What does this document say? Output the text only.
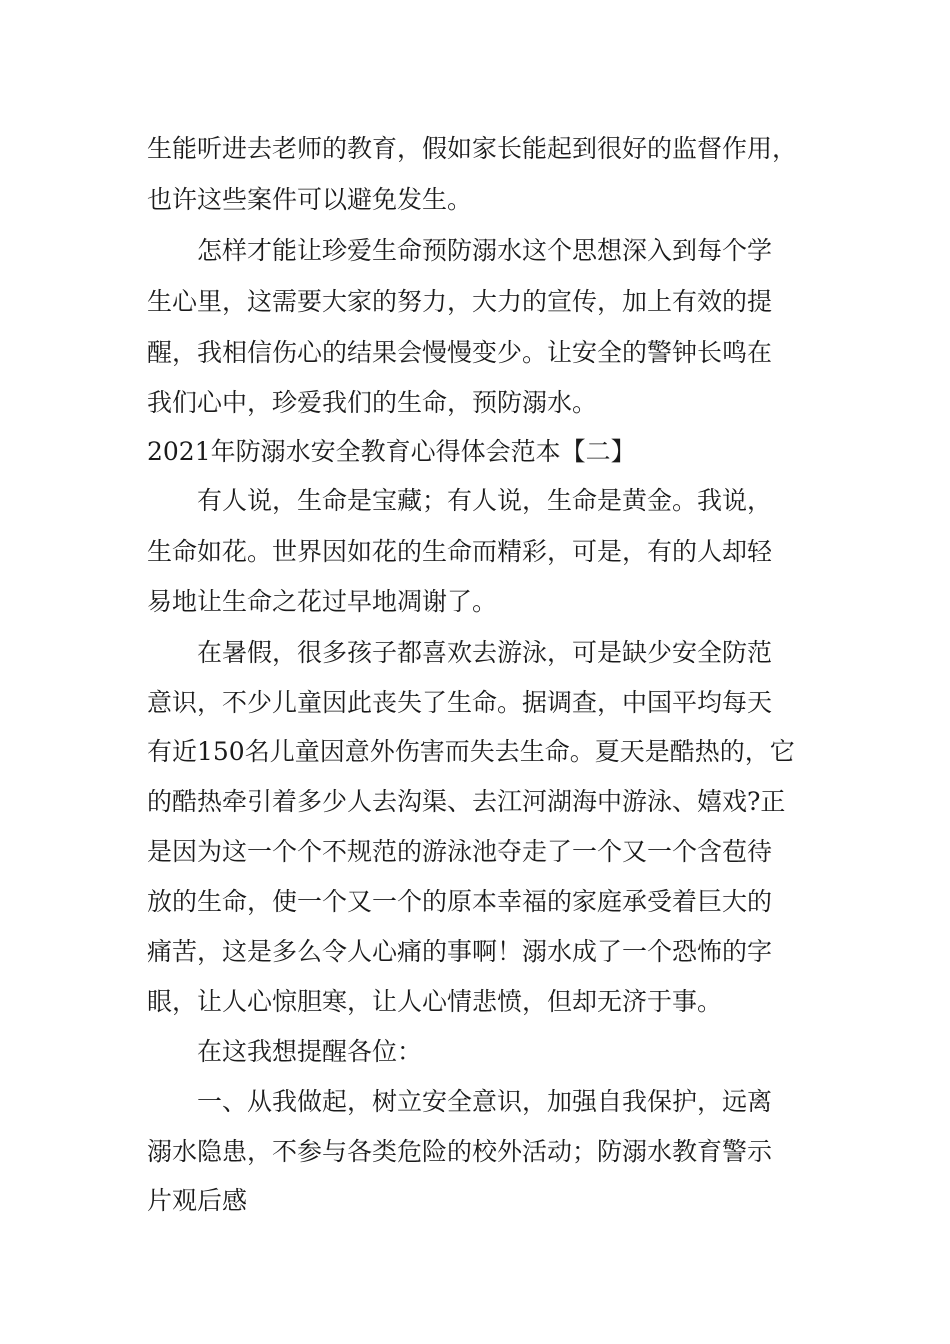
生能听进去老师的教育，假如家长能起到很好的监督作用，
也许这些案件可以避免发生。
怎样才能让珍爱生命预防溺水这个思想深入到每个学
生心里，这需要大家的努力，大力的宣传，加上有效的提
醒，我相信伤心的结果会慢慢变少。让安全的警钟长鸣在
我们心中，珍爱我们的生命，预防溺水。
2021年防溺水安全教育心得体会范本【二】
有人说，生命是宝藏；有人说，生命是黄金。我说，
生命如花。世界因如花的生命而精彩，可是，有的人却轻
易地让生命之花过早地凋谢了。
在暑假，很多孩子都喜欢去游泳，可是缺少安全防范
意识，不少儿童因此丧失了生命。据调查，中国平均每天
有近150名儿童因意外伤害而失去生命。夏天是酷热的，它
的酷热牵引着多少人去沟渠、去江河湖海中游泳、嬉戏?正
是因为这一个个不规范的游泳池夺走了一个又一个含苞待
放的生命，使一个又一个的原本幸福的家庭承受着巨大的
痛苦，这是多么令人心痛的事啊！溺水成了一个恐怖的字
眼，让人心惊胆寒，让人心情悲愤，但却无济于事。
在这我想提醒各位：
一、从我做起，树立安全意识，加强自我保护，远离
溺水隐患，不参与各类危险的校外活动；防溺水教育警示
片观后感
